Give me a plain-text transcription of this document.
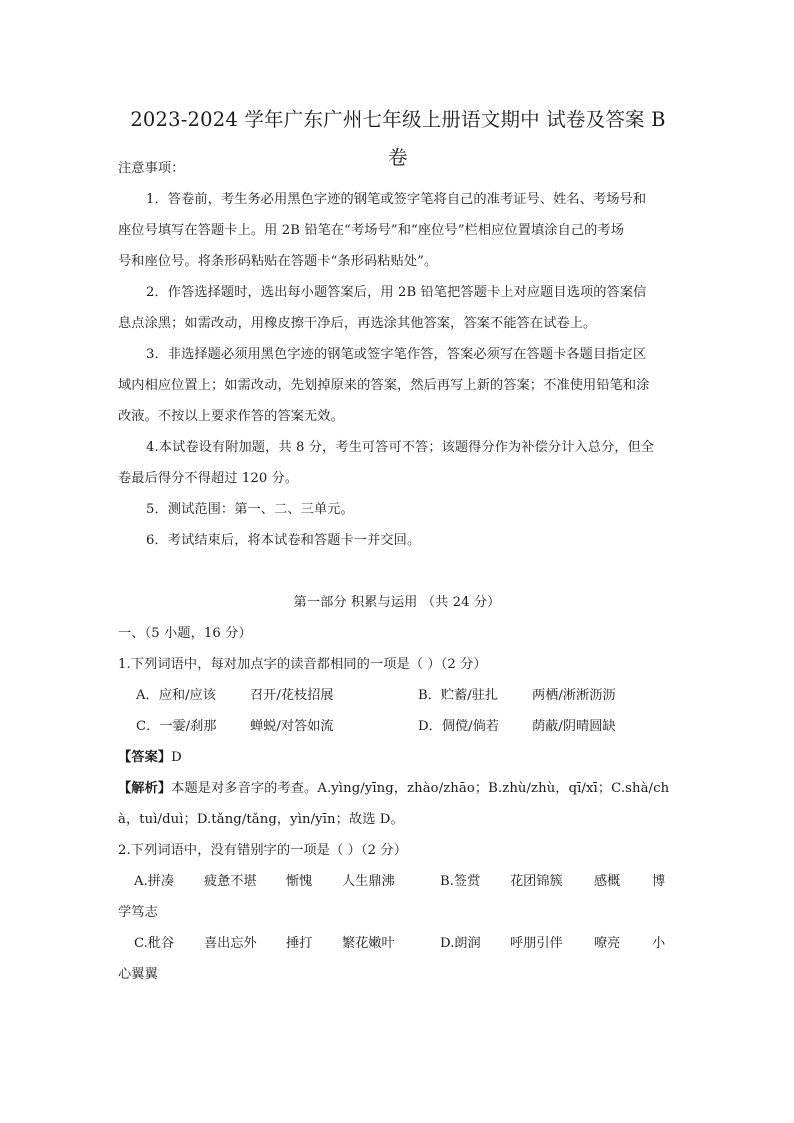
2023-2024 学年广东广州七年级上册语文期中 试卷及答案 B
卷
注意事项：
1．答卷前，考生务必用黑色字迹的钢笔或签字笔将自己的准考证号、姓名、考场号和
座位号填写在答题卡上。用 2B 铅笔在“考场号”和“座位号”栏相应位置填涂自己的考场
号和座位号。将条形码粘贴在答题卡“条形码粘贴处”。
2．作答选择题时，选出每小题答案后，用 2B 铅笔把答题卡上对应题目选项的答案信
息点涂黑；如需改动，用橡皮擦干净后，再选涂其他答案，答案不能答在试卷上。
3．非选择题必须用黑色字迹的钢笔或签字笔作答，答案必须写在答题卡各题目指定区
域内相应位置上；如需改动，先划掉原来的答案，然后再写上新的答案；不准使用铅笔和涂
改液。不按以上要求作答的答案无效。
4.本试卷设有附加题，共 8 分，考生可答可不答；该题得分作为补偿分计入总分，但全
卷最后得分不得超过 120 分。
5．测试范围：第一、二、三单元。
6．考试结束后，将本试卷和答题卡一并交回。
第一部分 积累与运用 （共 24 分）
一、（5 小题，16 分）
1.下列词语中，每对加点字的读音都相同的一项是（ ）（2 分）
A．应和/应该	召开/花枝招展	B．贮蓄/驻扎	两栖/淅淅沥沥
C．一霎/刹那	蝉蜕/对答如流	D．倜傥/倘若	荫蔽/阴晴圆缺
【答案】D
【解析】本题是对多音字的考查。A.yìng/yīng，zhào/zhāo；B.zhù/zhù，qī/xī；C.shà/ch
à，tuì/duì；D.tǎng/tǎng，yìn/yīn；故选 D。
2.下列词语中，没有错别字的一项是（ ）（2 分）
A.拼凑 疲惫不堪 惭愧 人生鼎沸	B.签赏 花团锦簇 感概 博
学笃志
C.秕谷 喜出忘外 捶打 繁花嫩叶	D.朗润 呼朋引伴 嘹亮 小
心翼翼
